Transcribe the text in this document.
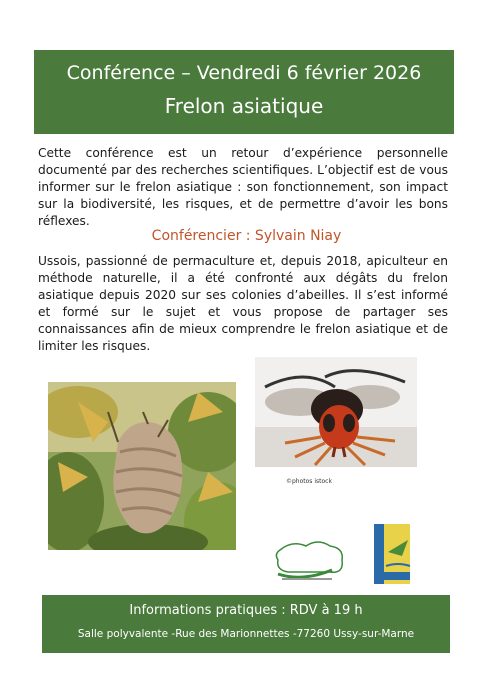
Conférence – Vendredi 6 février 2026
Frelon asiatique

Cette conférence est un retour d’expérience personnelle documenté par des recherches scientifiques. L’objectif est de vous informer sur le frelon asiatique : son fonctionnement, son impact sur la biodiversité, les risques, et de permettre d’avoir les bons réflexes.

Conférencier : Sylvain Niay

Ussois, passionné de permaculture et, depuis 2018, apiculteur en méthode naturelle, il a été confronté aux dégâts du frelon asiatique depuis 2020 sur ses colonies d’abeilles. Il s’est informé et formé sur le sujet et vous propose de partager ses connaissances afin de mieux comprendre le frelon asiatique et de limiter les risques.

©photos istock
Informations pratiques : RDV à 19 h
Salle polyvalente -Rue des Marionnettes -77260 Ussy-sur-Marne
